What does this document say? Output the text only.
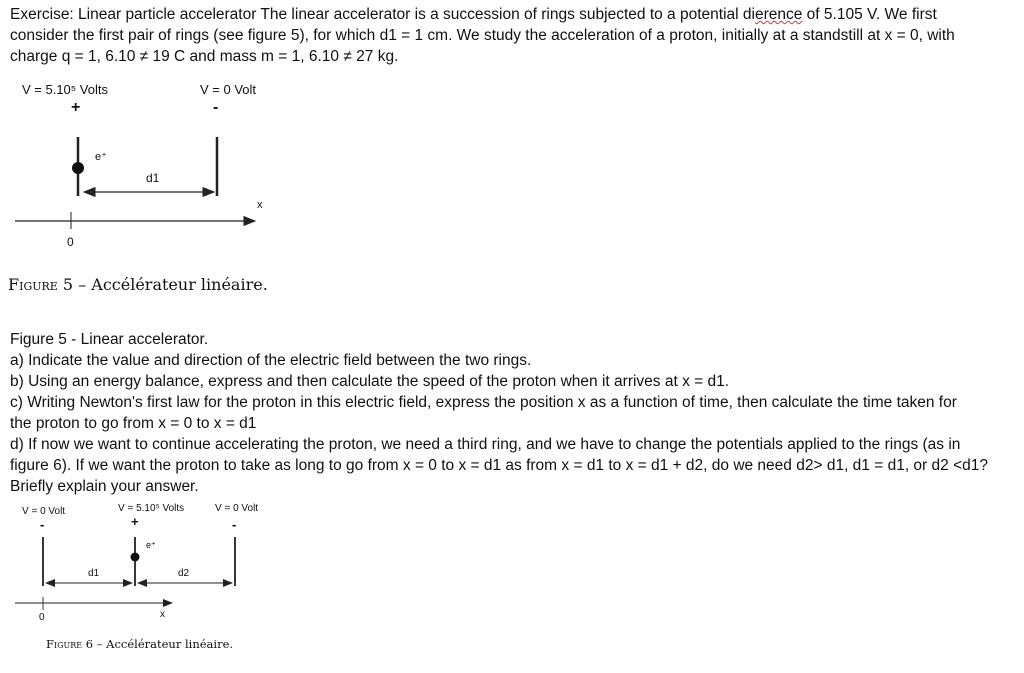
Exercise: Linear particle accelerator The linear accelerator is a succession of rings subjected to a potential dierence of 5.105 V. We first
consider the first pair of rings (see figure 5), for which d1 = 1 cm. We study the acceleration of a proton, initially at a standstill at x = 0, with
charge q = 1, 6.10 ≠ 19 C and mass m = 1, 6.10 ≠ 27 kg.
V = 5.10⁵ Volts	V = 0 Volt
+	-
e⁺
d1
x
0
Figure 5 – Accélérateur linéaire.
Figure 5 - Linear accelerator.
a) Indicate the value and direction of the electric field between the two rings.
b) Using an energy balance, express and then calculate the speed of the proton when it arrives at x = d1.
c) Writing Newton's first law for the proton in this electric field, express the position x as a function of time, then calculate the time taken for
the proton to go from x = 0 to x = d1
d) If now we want to continue accelerating the proton, we need a third ring, and we have to change the potentials applied to the rings (as in
figure 6). If we want the proton to take as long to go from x = 0 to x = d1 as from x = d1 to x = d1 + d2, do we need d2> d1, d1 = d1, or d2 <d1?
Briefly explain your answer.
V = 0 Volt	V = 5.10⁵ Volts	V = 0 Volt
-	+	-
e⁺
d1	d2
x
0
Figure 6 – Accélérateur linéaire.
